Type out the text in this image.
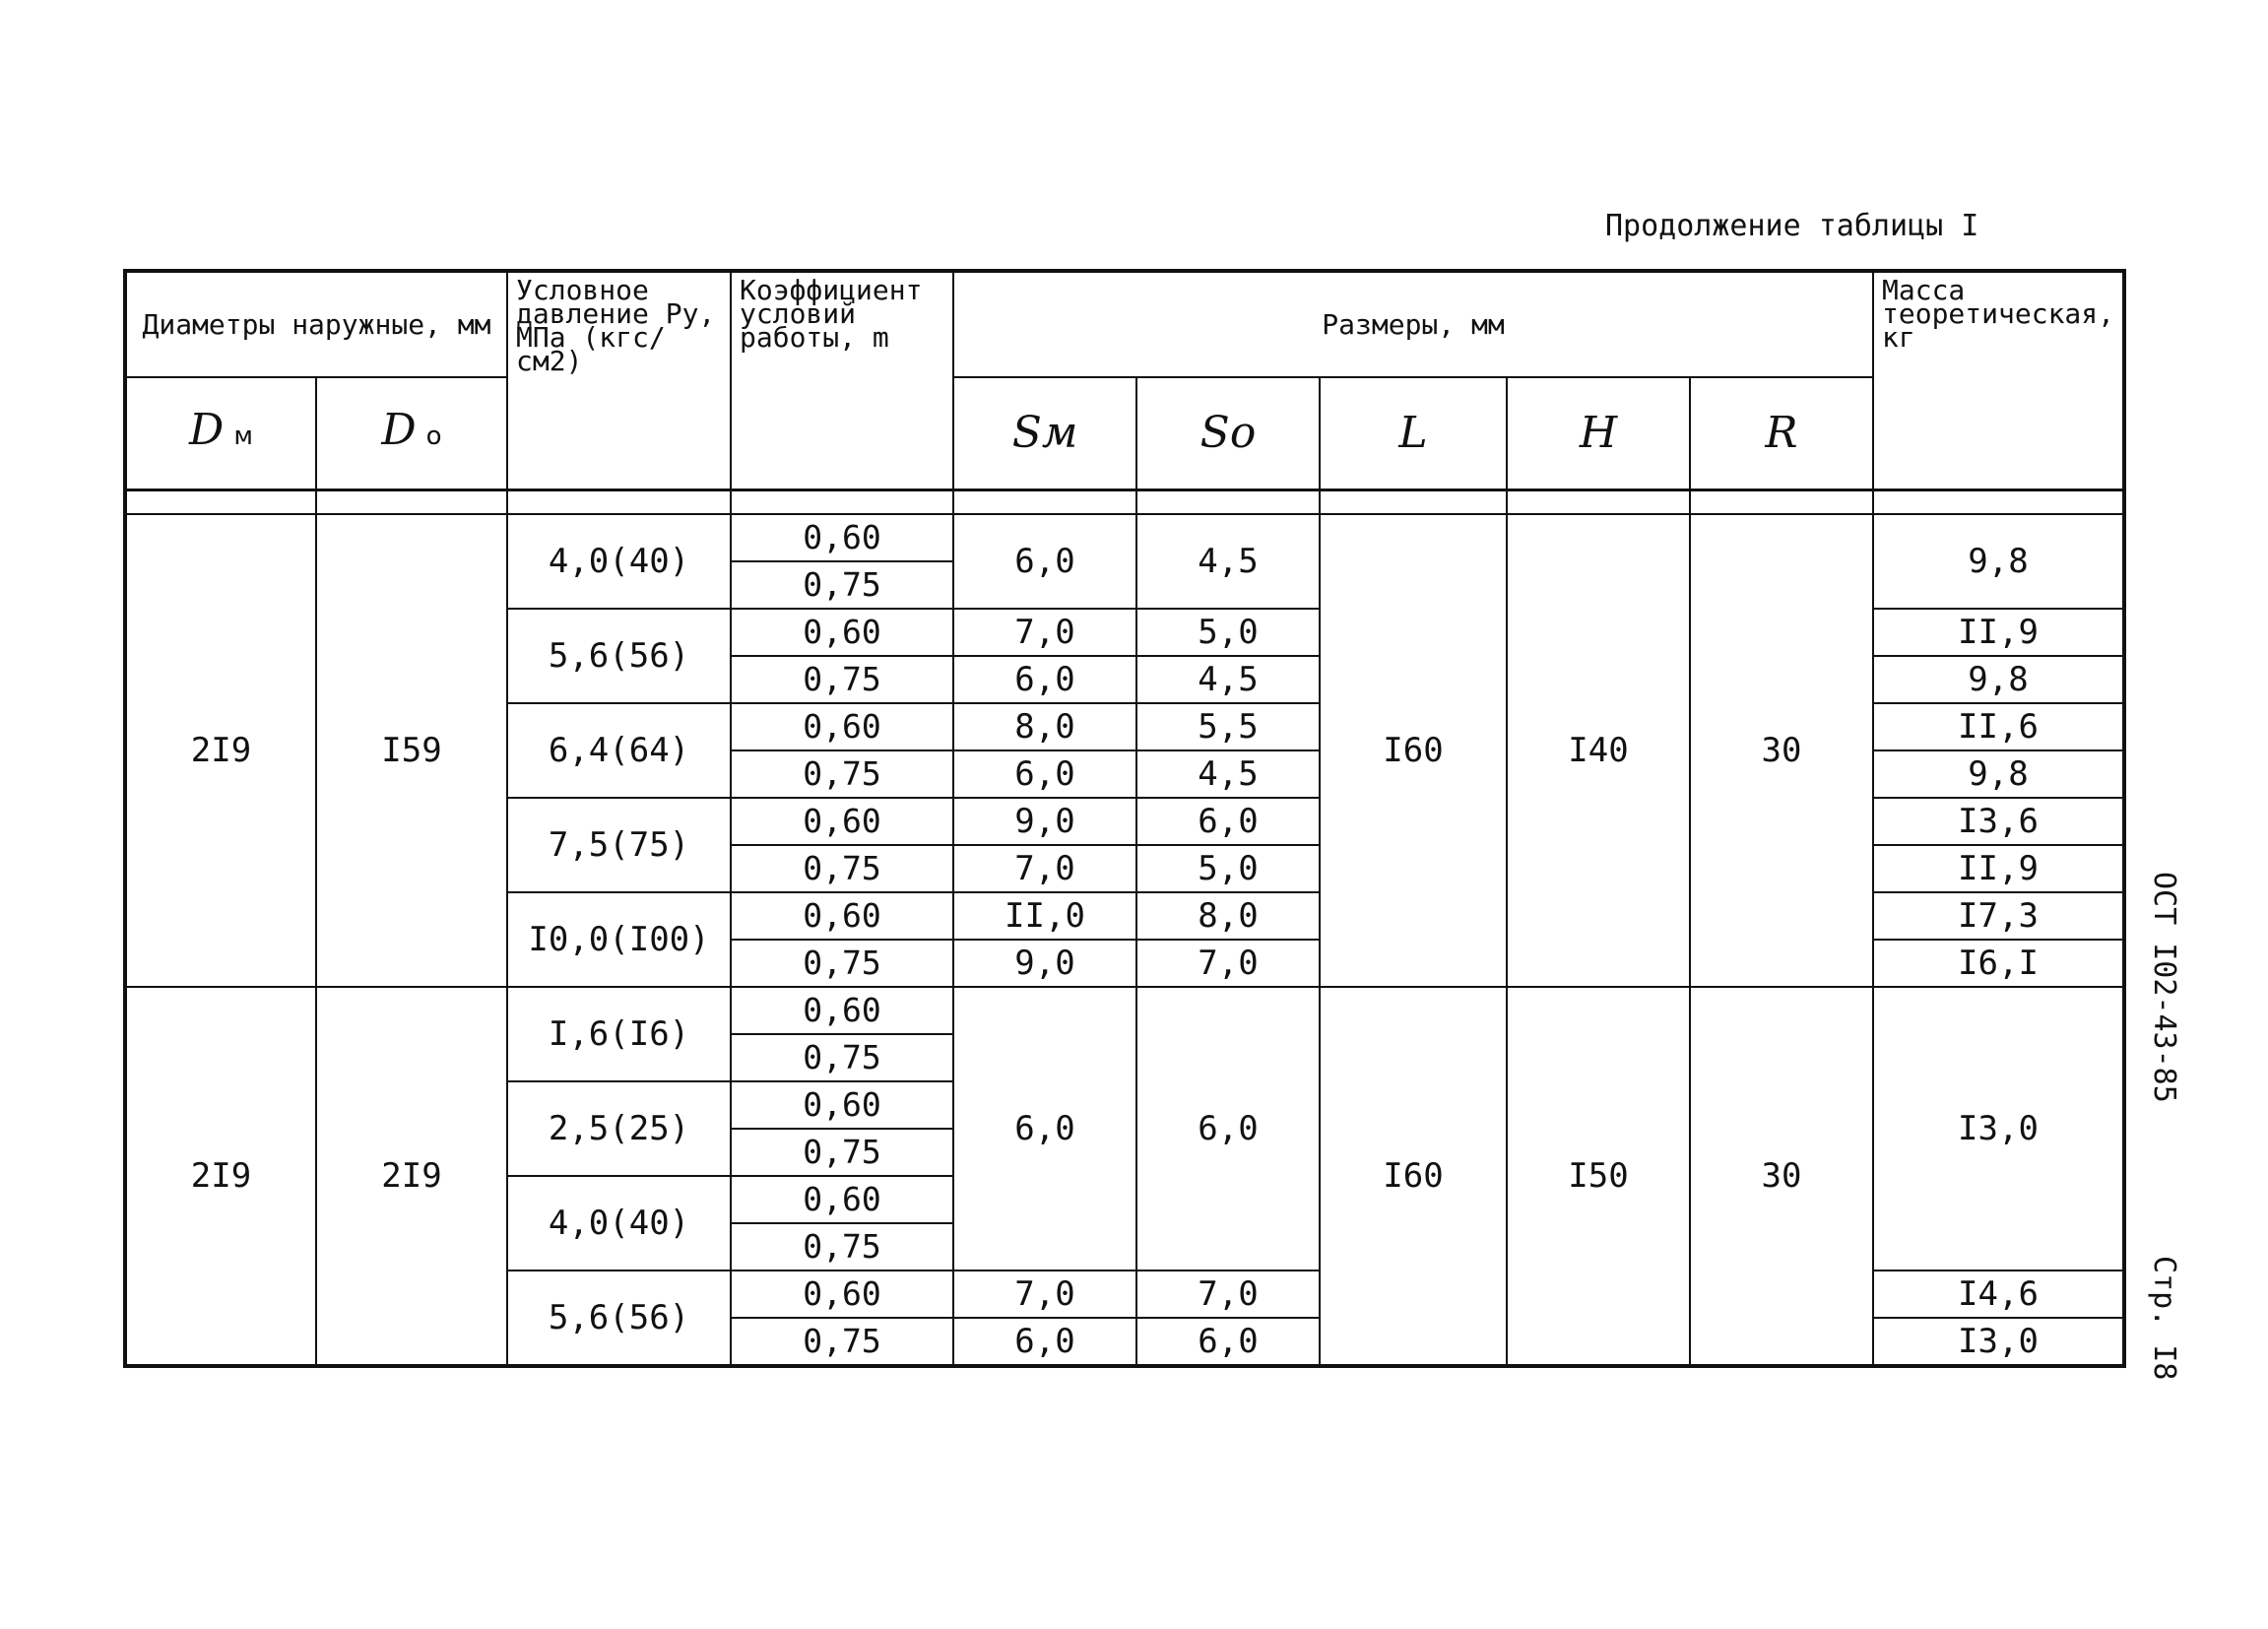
Продолжение таблицы I
Диаметры наружные, мм		Условное давление Ру, МПа (кгс/см2)	Коэффициент условий работы, m	Размеры, мм					Масса теоретическая, кг
D м	D о			Sм	So	L	H	R	

2I9	I59	4,0(40)	0,60	6,0	4,5	I60	I40	30	9,8
			0,75						
		5,6(56)	0,60	7,0	5,0				II,9
			0,75	6,0	4,5				9,8
		6,4(64)	0,60	8,0	5,5				II,6
			0,75	6,0	4,5				9,8
		7,5(75)	0,60	9,0	6,0				I3,6
			0,75	7,0	5,0				II,9
		I0,0(I00)	0,60	II,0	8,0				I7,3
			0,75	9,0	7,0				I6,I
2I9	2I9	I,6(I6)	0,60	6,0	6,0	I60	I50	30	I3,0
			0,75						
		2,5(25)	0,60						
			0,75						
		4,0(40)	0,60						
			0,75						
		5,6(56)	0,60	7,0	7,0				I4,6
			0,75	6,0	6,0				I3,0
ОСТ I02-43-85
Стр. I8
